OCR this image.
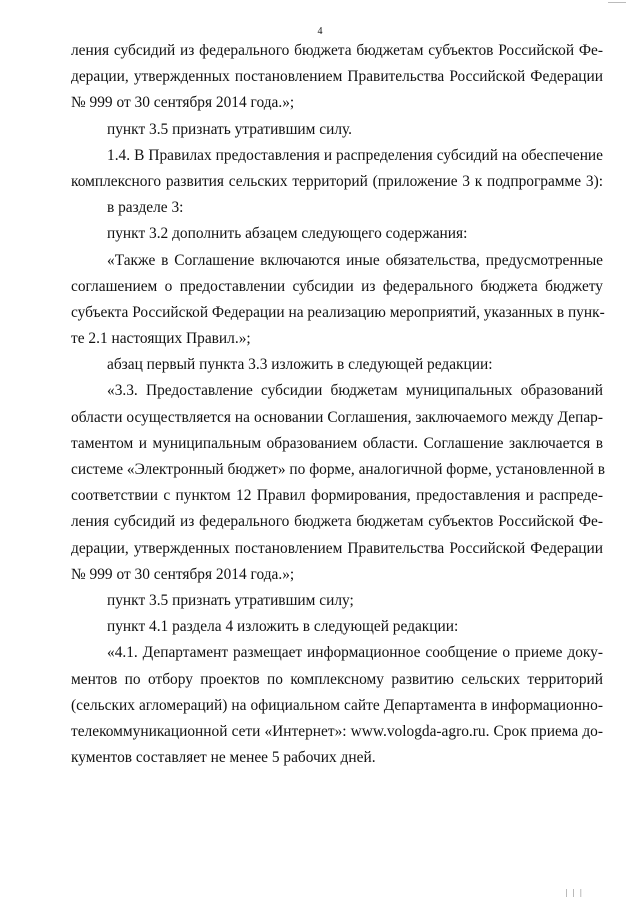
4
ления субсидий из федерального бюджета бюджетам субъектов Российской Фе-
дерации, утвержденных постановлением Правительства Российской Федерации
№ 999 от 30 сентября 2014 года.»;
пункт 3.5 признать утратившим силу.
1.4. В Правилах предоставления и распределения субсидий на обеспечение
комплексного развития сельских территорий (приложение 3 к подпрограмме 3):
в разделе 3:
пункт 3.2 дополнить абзацем следующего содержания:
«Также в Соглашение включаются иные обязательства, предусмотренные
соглашением о предоставлении субсидии из федерального бюджета бюджету
субъекта Российской Федерации на реализацию мероприятий, указанных в пунк-
те 2.1 настоящих Правил.»;
абзац первый пункта 3.3 изложить в следующей редакции:
«3.3. Предоставление субсидии бюджетам муниципальных образований
области осуществляется на основании Соглашения, заключаемого между Депар-
таментом и муниципальным образованием области. Соглашение заключается в
системе «Электронный бюджет» по форме, аналогичной форме, установленной в
соответствии с пунктом 12 Правил формирования, предоставления и распреде-
ления субсидий из федерального бюджета бюджетам субъектов Российской Фе-
дерации, утвержденных постановлением Правительства Российской Федерации
№ 999 от 30 сентября 2014 года.»;
пункт 3.5 признать утратившим силу;
пункт 4.1 раздела 4 изложить в следующей редакции:
«4.1. Департамент размещает информационное сообщение о приеме доку-
ментов по отбору проектов по комплексному развитию сельских территорий
(сельских агломераций) на официальном сайте Департамента в информационно-
телекоммуникационной сети «Интернет»: www.vologda-agro.ru. Срок приема до-
кументов составляет не менее 5 рабочих дней.
| | |
